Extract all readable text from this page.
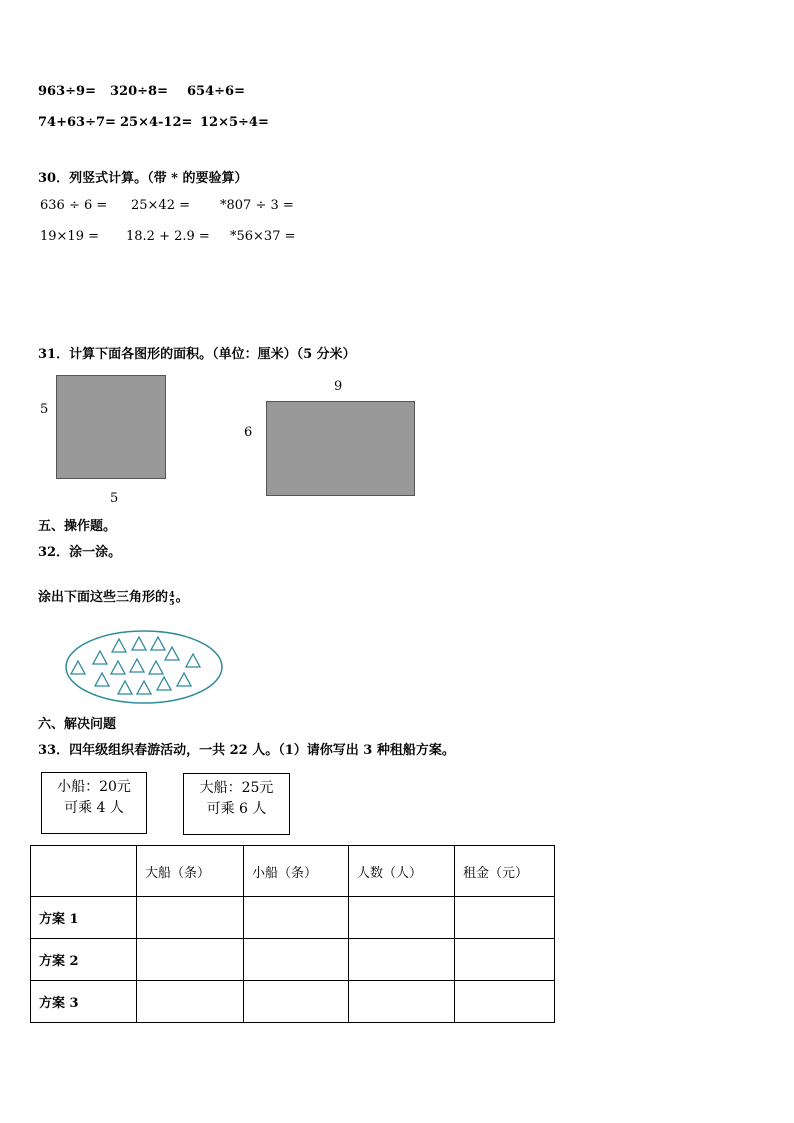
963÷9= 320÷8= 654÷6=
74+63÷7= 25×4-12= 12×5÷4=
30．列竖式计算。（带 * 的要验算）
636 ÷ 6 = 25×42 = *807 ÷ 3 =
19×19 = 18.2 + 2.9 = *56×37 =
31．计算下面各图形的面积。（单位：厘米）（5 分米）
5
5
9
6
五、操作题。
32．涂一涂。
涂出下面这些三角形的 4
5 。
六、解决问题
33．四年级组织春游活动，一共 22 人。（1）请你写出 3 种租船方案。
小船：20元
可乘 4 人
大船：25元
可乘 6 人
	大船（条）	小船（条）	人数（人）	租金（元）
方案 1				
方案 2				
方案 3				
